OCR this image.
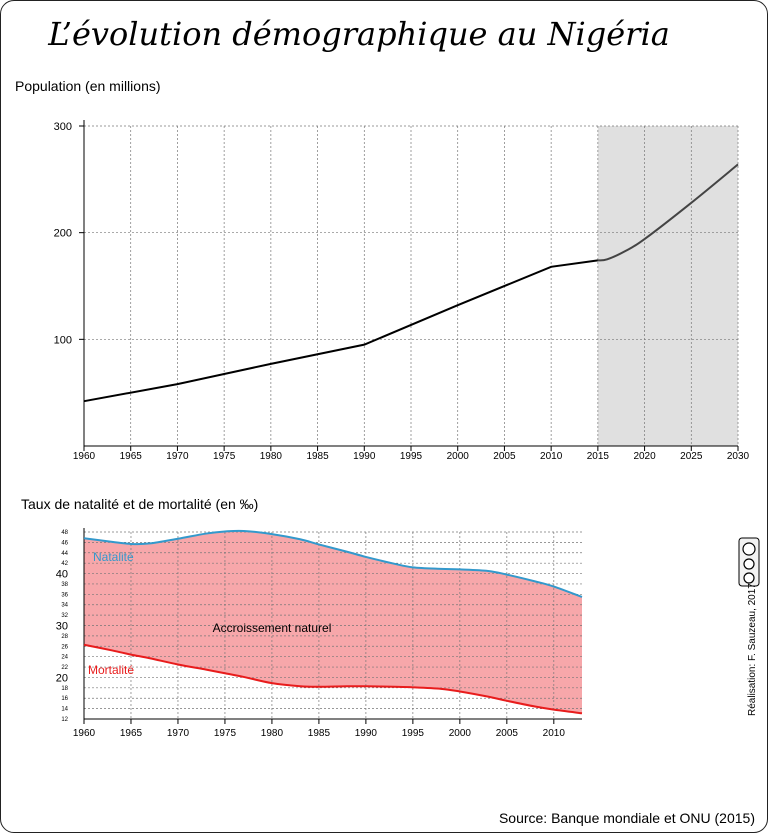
L’évolution démographique au Nigéria
Population (en millions)
1960 1965 1970 1975 1980 1985 1990 1995 2000 2005 2010 2015 2020 2025 2030
100
200
300
Taux de natalité et de mortalité (en ‰)
12
14
16
18
22
24
26
28
32
34
36
38
42
44
46
48
20
30
40
1960 1965 1970 1975 1980 1985 1990 1995 2000 2005 2010
Natalité
Mortalité
Accroissement naturel	Réalisation: F. Sauzeau, 2017
Source: Banque mondiale et ONU (2015)
